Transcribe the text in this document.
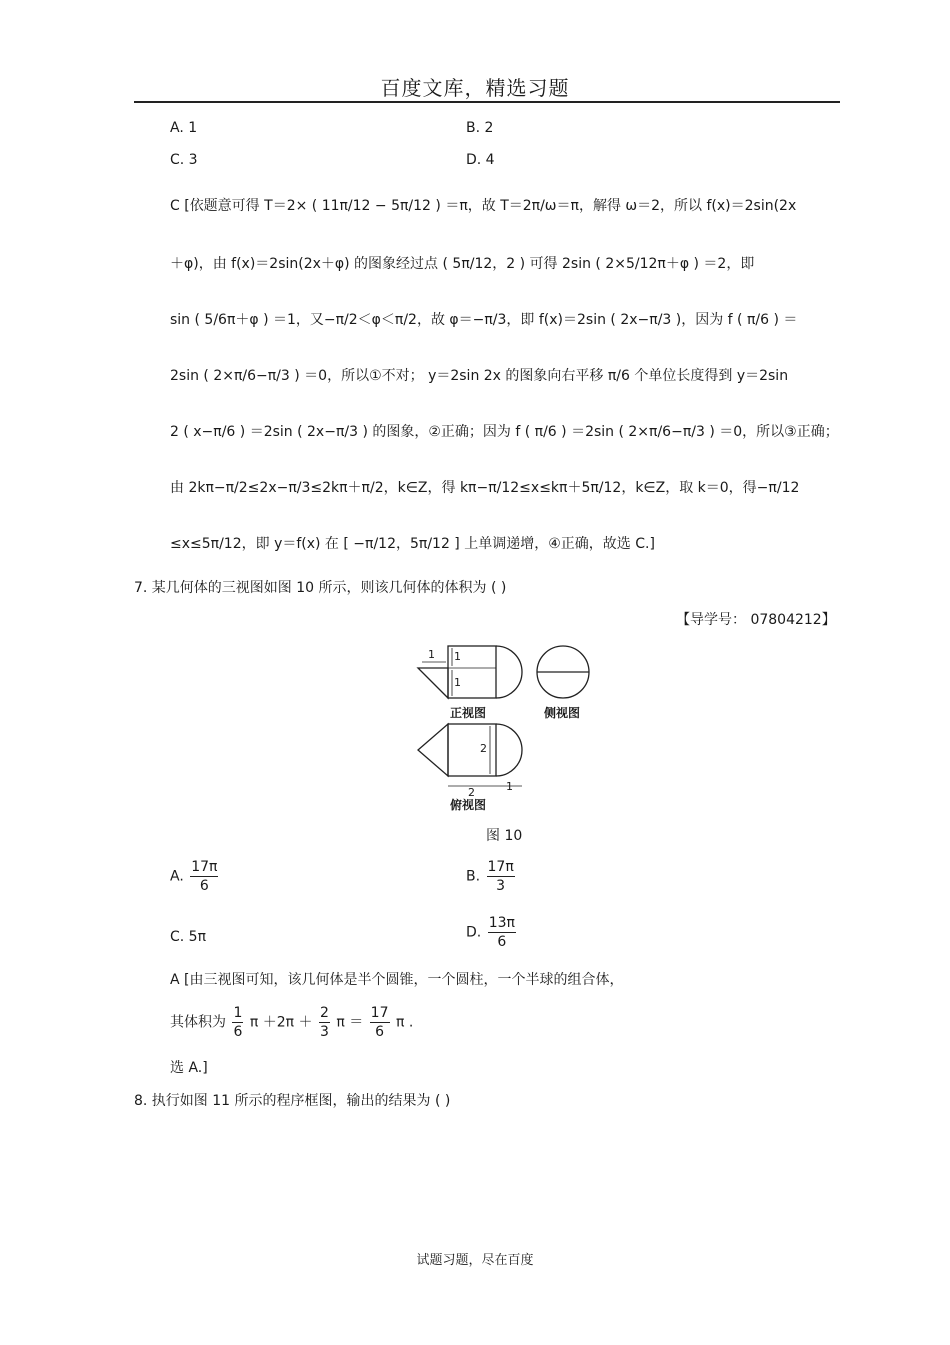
百度文库，精选习题
A. 1	B. 2
C. 3	D. 4
C [依题意可得 T＝2× ( 11π/12 − 5π/12 ) ＝π，故 T＝2π/ω＝π，解得 ω＝2，所以 f(x)＝2sin(2x
＋φ)，由 f(x)＝2sin(2x＋φ) 的图象经过点 ( 5π/12，2 ) 可得 2sin ( 2×5/12π＋φ ) ＝2，即
sin ( 5/6π＋φ ) ＝1，又−π/2＜φ＜π/2，故 φ＝−π/3，即 f(x)＝2sin ( 2x−π/3 )，因为 f ( π/6 ) ＝
2sin ( 2×π/6−π/3 ) ＝0，所以①不对； y＝2sin 2x 的图象向右平移 π/6 个单位长度得到 y＝2sin
2 ( x−π/6 ) ＝2sin ( 2x−π/3 ) 的图象，②正确；因为 f ( π/6 ) ＝2sin ( 2×π/6−π/3 ) ＝0，所以③正确；
由 2kπ−π/2≤2x−π/3≤2kπ＋π/2，k∈Z，得 kπ−π/12≤x≤kπ＋5π/12，k∈Z，取 k＝0，得−π/12
≤x≤5π/12，即 y＝f(x) 在 [ −π/12，5π/12 ] 上单调递增，④正确，故选 C.]
7. 某几何体的三视图如图 10 所示，则该几何体的体积为 ( )
【导学号： 07804212】
1 1
1
2
2	1
正视图	侧视图
俯视图
图 10
A. $\frac{17\pi}{6}$	B. $\frac{17\pi}{3}$
C. 5π	D. $\frac{13\pi}{6}$
A [由三视图可知，该几何体是半个圆锥，一个圆柱，一个半球的组合体，
其体积为 $\frac{1}{6}$ $\pi +2\pi + \frac{2}{3}$ $\pi = \frac{17}{6}$ π .
选 A.]
8. 执行如图 11 所示的程序框图，输出的结果为 ( )
试题习题，尽在百度
